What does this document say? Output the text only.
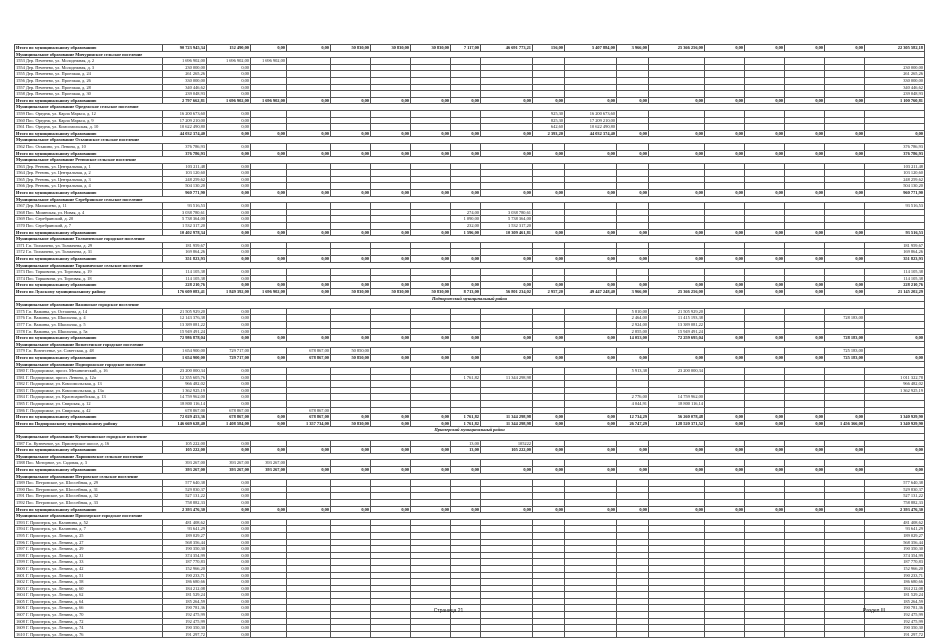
Итого по муниципальному образованию	90 723 945,34	152 490,00	0,00	0,00	50 830,00	30 830,00	30 830,00	7 117,00	46 691 773,21	156,00	5 407 884,00	3 966,00	25 366 256,00	0,00	0,00	0,00	0,00	22 305 582,18
Муниципальное образование Мичуринское сельское поселение																		
1553 Дер. Печенево, ул. Молодежная, д. 2	1 696 902,00	1 696 902,00	1 696 902,00															
1554 Дер. Печенево, ул. Молодежная, д. 3	230 000,00	0,00																230 000,00
1555 Дер. Печенево, ул. Проезжая, д. 24	261 265,26	0,00																261 265,26
1556 Дер. Печенево, ул. Проезжая, д. 26	330 000,00	0,00																330 000,00
1557 Дер. Печенево, ул. Проезжая, д. 28	340 446,62	0,00																340 446,62
1558 Дер. Печенево, ул. Проезжая, д. 30	239 048,93	0,00																239 048,93
Итого по муниципальному образованию	2 797 662,81	1 696 902,00	1 696 902,00	0,00	0,00	0,00	0,00	0,00	0,00	0,00	0,00	0,00	0,00	0,00	0,00	0,00	0,00	1 100 760,81
Муниципальное образование Оредежское сельское поселение																		
1559 Пос. Оредеж, ул. Карла Маркса, д. 12	16 200 673,60	0,00								925,30	16 200 673,60							
1560 Пос. Оредеж, ул. Карла Маркса, д. 9	17 209 210,00	0,00								825,30	17 209 210,00							
1561 Пос. Оредеж, ул. Комсомольская, д. 10	10 622 490,80	0,00								642,60	10 622 490,80							
Итого по муниципальному образованию	44 032 374,40	0,00	0,00	0,00	0,00	0,00	0,00	0,00	0,00	2 393,20	44 032 374,40	0,00	0,00	0,00	0,00	0,00	0,00	0,00
Муниципальное образование Осьминское сельское поселение																		
1562 Пос. Осьмино, ул. Ленина, д. 10	376 786,93	0,00																376 786,93
Итого по муниципальному образованию	376 786,93	0,00	0,00	0,00	0,00	0,00	0,00	0,00	0,00	0,00	0,00	0,00	0,00	0,00	0,00	0,00	0,00	376 786,93
Муниципальное образование Ретюнское сельское поселение																		
1563 Дер. Ретюнь, ул. Центральная, д. 1	103 211,48	0,00																103 211,48
1564 Дер. Ретюнь, ул. Центральная, д. 2	103 120,60	0,00																103 120,60
1565 Дер. Ретюнь, ул. Центральная, д. 3	248 259,62	0,00																248 259,62
1566 Дер. Ретюнь, ул. Центральная, д. 4	504 130,20	0,00																504 130,20
Итого по муниципальному образованию	960 771,90	0,00	0,00	0,00	0,00	0,00	0,00	0,00	0,00	0,00	0,00	0,00	0,00	0,00	0,00	0,00	0,00	960 771,90
Муниципальное образование Серебрянское сельское поселение																		
1567 Дер. Малышево, д. 11	93 516,53	0,00																93 516,53
1568 Пос. Мшинская, ул. Новая, д. 4	3 038 780,61	0,00						274,00	3 038 780,61									
1569 Пос. Серебрянский, д. 20	5 738 364,00	0,00						1 090,00	5 738 364,00									
1570 Пос. Серебрянский, д. 7	1 532 317,20	0,00						232,00	1 532 317,20									
Итого по муниципальному образованию	10 402 978,34	0,00	0,00	0,00	0,00	0,00	0,00	1 596,00	10 309 461,81	0,00	0,00	0,00	0,00	0,00	0,00	0,00	0,00	93 516,53
Муниципальное образование Толмачевское городское поселение																		
1571 Г.п. Толмачево, ул. Толмачева, д. 29	181 959,67	0,00																181 959,67
1572 Г.п. Толмачево, ул. Толмачева, д. 31	169 864,26	0,00																169 864,26
Итого по муниципальному образованию	351 823,93	0,00	0,00	0,00	0,00	0,00	0,00	0,00	0,00	0,00	0,00	0,00	0,00	0,00	0,00	0,00	0,00	351 823,93
Муниципальное образование Торковичское сельское поселение																		
1573 Пос. Торковичи, ул. Торговая, д. 19	114 105,38	0,00																114 105,38
1574 Пос. Торковичи, ул. Торговая, д. 18	114 105,38	0,00																114 105,38
Итого по муниципальному образованию	228 210,76	0,00	0,00	0,00	0,00	0,00	0,00	0,00	0,00	0,00	0,00	0,00	0,00	0,00	0,00	0,00	0,00	228 210,76
Итого по Лужскому муниципальному району	176 609 083,41	1 849 392,00	1 696 902,00	0,00	50 830,00	50 830,00	50 830,00	8 713,00	56 801 234,02	2 957,20	49 447 248,40	3 966,00	25 366 256,00	0,00	0,00	0,00	0,00	21 145 202,29
Подпорожский муниципальный район																		
Муниципальное образование Важинское городское поселение																		
1575 Г.п. Важины, ул. Осташева, д. 14	21 505 929,20	0,00										5 810,00	21 505 929,20					
1576 Г.п. Важины, ул. Школьная, д. 4	12 143 376,38	0,00										2 464,00	11 415 193,38				728 183,00	
1577 Г.п. Важины, ул. Школьная, д. 5	13 389 081,22	0,00										2 924,00	13 389 081,22					
1578 Г.п. Важины, ул. Школьная, д. 5а	15 949 491,24	0,00										2 855,00	15 949 491,24					
Итого по муниципальному образованию	72 986 878,04	0,00	0,00	0,00	0,00	0,00	0,00	0,00	0,00	0,00	0,00	14 053,00	72 259 695,04	0,00	0,00	0,00	728 183,00	0,00
Муниципальное образование Вознесенское городское поселение																		
1579 Г.п. Вознесенье, ул. Советская, д. 48	1 654 900,00	729 717,00		678 867,00	50 850,00												725 183,00	
Итого по муниципальному образованию	1 654 900,00	729 717,00	0,00	678 867,00	50 850,00	0,00	0,00	0,00	0,00	0,00	0,00	0,00	0,00	0,00	0,00	0,00	725 183,00	0,00
Муниципальное образование Подпорожское городское поселение																		
1580 Г. Подпорожье, просп. Механический, д. 16	23 200 000,34	0,00										5 913,38	23 200 000,34					
1581 Г. Подпорожье, просп. Ленина, д. 12а	12 355 605,76	0,00						1 761,82	11 344 298,98									1 011 322,78
1582 Г. Подпорожье, ул. Комсомольская, д. 13	966 482,02	0,00																966 482,02
1583 Г. Подпорожье, ул. Комсомольская, д. 13а	1 362 925,19	0,00																1 362 925,19
1584 Г. Подпорожье, ул. Красноармейская, д. 13	14 759 962,00	0,00										2 776,00	14 759 962,00					
1585 Г. Подпорожье, ул. Свирская, д. 12	18 800 116,14	0,00										4 044,91	18 800 116,14					
1586 Г. Подпорожье, ул. Свирская, д. 42	678 867,00	678 867,00		678 867,00														
Итого по муниципальному образованию	72 029 453,36	678 867,00	0,00	678 867,00	0,00	0,00	0,00	1 761,82	11 344 298,98	0,00	0,00	12 734,29	56 260 078,48	0,00	0,00	0,00	0,00	3 340 929,90
Итого по Подпорожскому муниципальному району	146 669 628,40	1 408 584,00	0,00	1 357 734,00	50 830,00	0,00	0,00	1 761,82	11 344 298,98	0,00	0,00	26 747,29	128 520 371,52	0,00	0,00	0,00	1 456 366,00	3 340 929,90
Приозерский муниципальный район																		
Муниципальное образование Кузнечнинское городское поселение																		
1587 Г.п. Кузнечное, ул. Приозерское шоссе, д. 16	105 222,00	0,00						13,00	105222									
Итого по муниципальному образованию	105 222,00	0,00	0,00	0,00	0,00	0,00	0,00	13,00	105 222,00	0,00	0,00	0,00	0,00	0,00	0,00	0,00	0,00	0,00
Муниципальное образование Ларионовское сельское поселение																		
1588 Пос. Моторное, ул. Садовая, д. 3	393 267,00	393 267,00	393 267,00															
Итого по муниципальному образованию	393 267,00	393 267,00	393 267,00	0,00	0,00	0,00	0,00	0,00	0,00	0,00	0,00	0,00	0,00	0,00	0,00	0,00	0,00	0,00
Муниципальное образование Петровское сельское поселение																		
1589 Пос. Петровское, ул. Шоссейная, д. 29	577 640,38	0,00																577 640,38
1590 Пос. Петровское, ул. Шоссейная, д. 31	529 830,37	0,00																529 830,37
1591 Пос. Петровское, ул. Шоссейная, д. 32	527 131,22	0,00																527 131,22
1592 Пос. Петровское, ул. Шоссейная, д. 33	758 882,33	0,00																758 882,33
Итого по муниципальному образованию	2 393 476,30	0,00	0,00	0,00	0,00	0,00	0,00	0,00	0,00	0,00	0,00	0,00	0,00	0,00	0,00	0,00	0,00	2 393 476,30
Муниципальное образование Приозерское городское поселение																		
1593 Г. Приозерск, ул. Калинина, д. 52	481 408,62	0,00																481 408,62
1594 Г. Приозерск, ул. Калинина, д. 7	93 641,29	0,00																93 641,29
1595 Г. Приозерск, ул. Ленина, д. 25	189 029,27	0,00																189 029,27
1596 Г. Приозерск, ул. Ленина, д. 27	568 356,44	0,00																568 356,44
1597 Г. Приозерск, ул. Ленина, д. 29	190 350,30	0,00																190 350,30
1598 Г. Приозерск, ул. Ленина, д. 31	374 354,99	0,00																374 354,99
1599 Г. Приозерск, ул. Ленина, д. 33	187 770,83	0,00																187 770,83
1600 Г. Приозерск, ул. Ленина, д. 42	152 966,20	0,00																152 966,20
1601 Г. Приозерск, ул. Ленина, д. 51	190 233,71	0,00																190 233,71
1602 Г. Приозерск, ул. Ленина, д. 58	186 680,66	0,00																186 680,66
1603 Г. Приозерск, ул. Ленина, д. 60	184 212,08	0,00																184 212,08
1604 Г. Приозерск, ул. Ленина, д. 62	181 529,24	0,00																181 529,24
1605 Г. Приозерск, ул. Ленина, д. 64	185 264,59	0,00																185 264,59
1606 Г. Приозерск, ул. Ленина, д. 66	190 781,36	0,00																190 781,36
1607 Г. Приозерск, ул. Ленина, д. 70	192 475,99	0,00																192 475,99
1608 Г. Приозерск, ул. Ленина, д. 72	192 475,99	0,00																192 475,99
1609 Г. Приозерск, ул. Ленина, д. 74	190 350,30	0,00																190 350,30
1610 Г. Приозерск, ул. Ленина, д. 76	191 297,72	0,00																191 297,72
Страница 21	Раздел III
